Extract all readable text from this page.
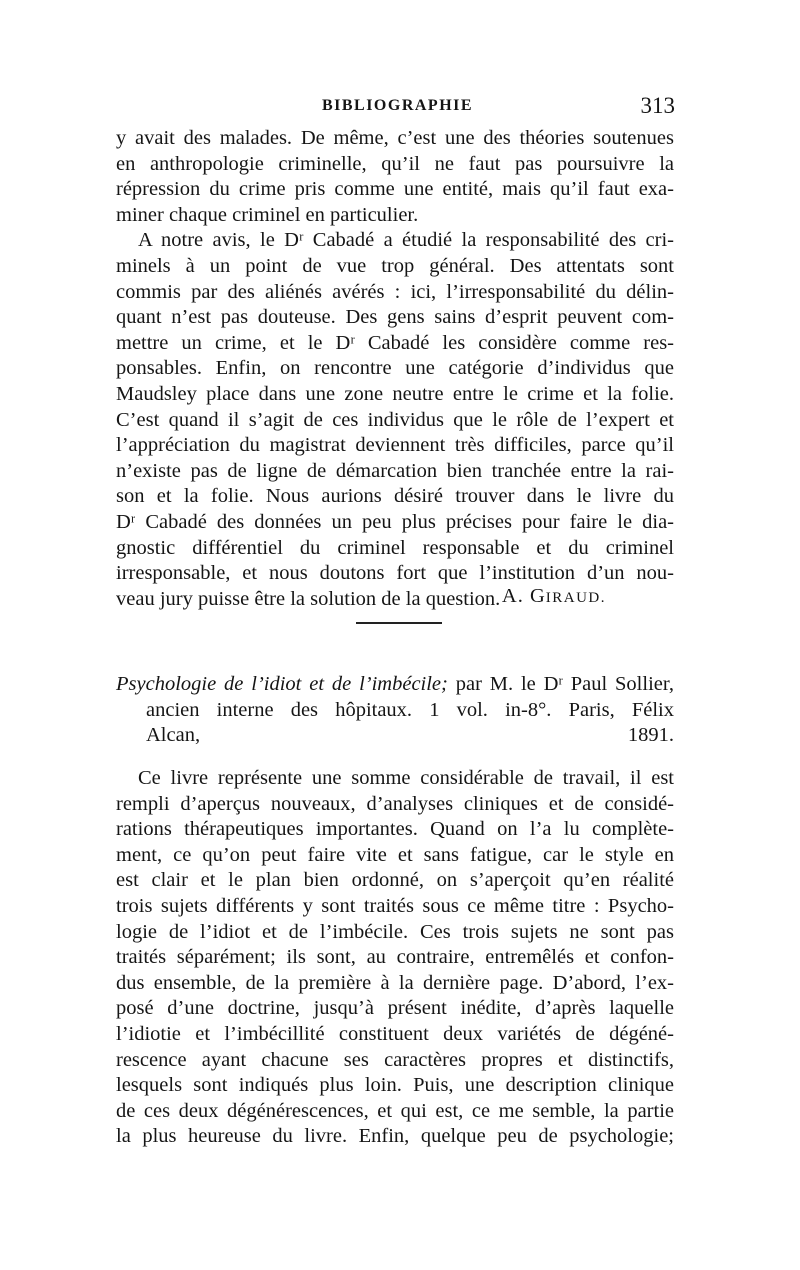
BIBLIOGRAPHIE	313
y avait des malades. De même, c’est une des théories soutenues
en anthropologie criminelle, qu’il ne faut pas poursuivre la
répression du crime pris comme une entité, mais qu’il faut exa-
miner chaque criminel en particulier.
A notre avis, le Dʳ Cabadé a étudié la responsabilité des cri-
minels à un point de vue trop général. Des attentats sont
commis par des aliénés avérés : ici, l’irresponsabilité du délin-
quant n’est pas douteuse. Des gens sains d’esprit peuvent com-
mettre un crime, et le Dʳ Cabadé les considère comme res-
ponsables. Enfin, on rencontre une catégorie d’individus que
Maudsley place dans une zone neutre entre le crime et la folie.
C’est quand il s’agit de ces individus que le rôle de l’expert et
l’appréciation du magistrat deviennent très difficiles, parce qu’il
n’existe pas de ligne de démarcation bien tranchée entre la rai-
son et la folie. Nous aurions désiré trouver dans le livre du
Dʳ Cabadé des données un peu plus précises pour faire le dia-
gnostic différentiel du criminel responsable et du criminel
irresponsable, et nous doutons fort que l’institution d’un nou-
veau jury puisse être la solution de la question. A. GIRAUD.
Psychologie de l’idiot et de l’imbécile; par M. le Dʳ Paul Sollier,
ancien interne des hôpitaux. 1 vol. in-8°. Paris, Félix
Alcan, 1891.
Ce livre représente une somme considérable de travail, il est
rempli d’aperçus nouveaux, d’analyses cliniques et de considé-
rations thérapeutiques importantes. Quand on l’a lu complète-
ment, ce qu’on peut faire vite et sans fatigue, car le style en
est clair et le plan bien ordonné, on s’aperçoit qu’en réalité
trois sujets différents y sont traités sous ce même titre : Psycho-
logie de l’idiot et de l’imbécile. Ces trois sujets ne sont pas
traités séparément; ils sont, au contraire, entremêlés et confon-
dus ensemble, de la première à la dernière page. D’abord, l’ex-
posé d’une doctrine, jusqu’à présent inédite, d’après laquelle
l’idiotie et l’imbécillité constituent deux variétés de dégéné-
rescence ayant chacune ses caractères propres et distinctifs,
lesquels sont indiqués plus loin. Puis, une description clinique
de ces deux dégénérescences, et qui est, ce me semble, la partie
la plus heureuse du livre. Enfin, quelque peu de psychologie;
